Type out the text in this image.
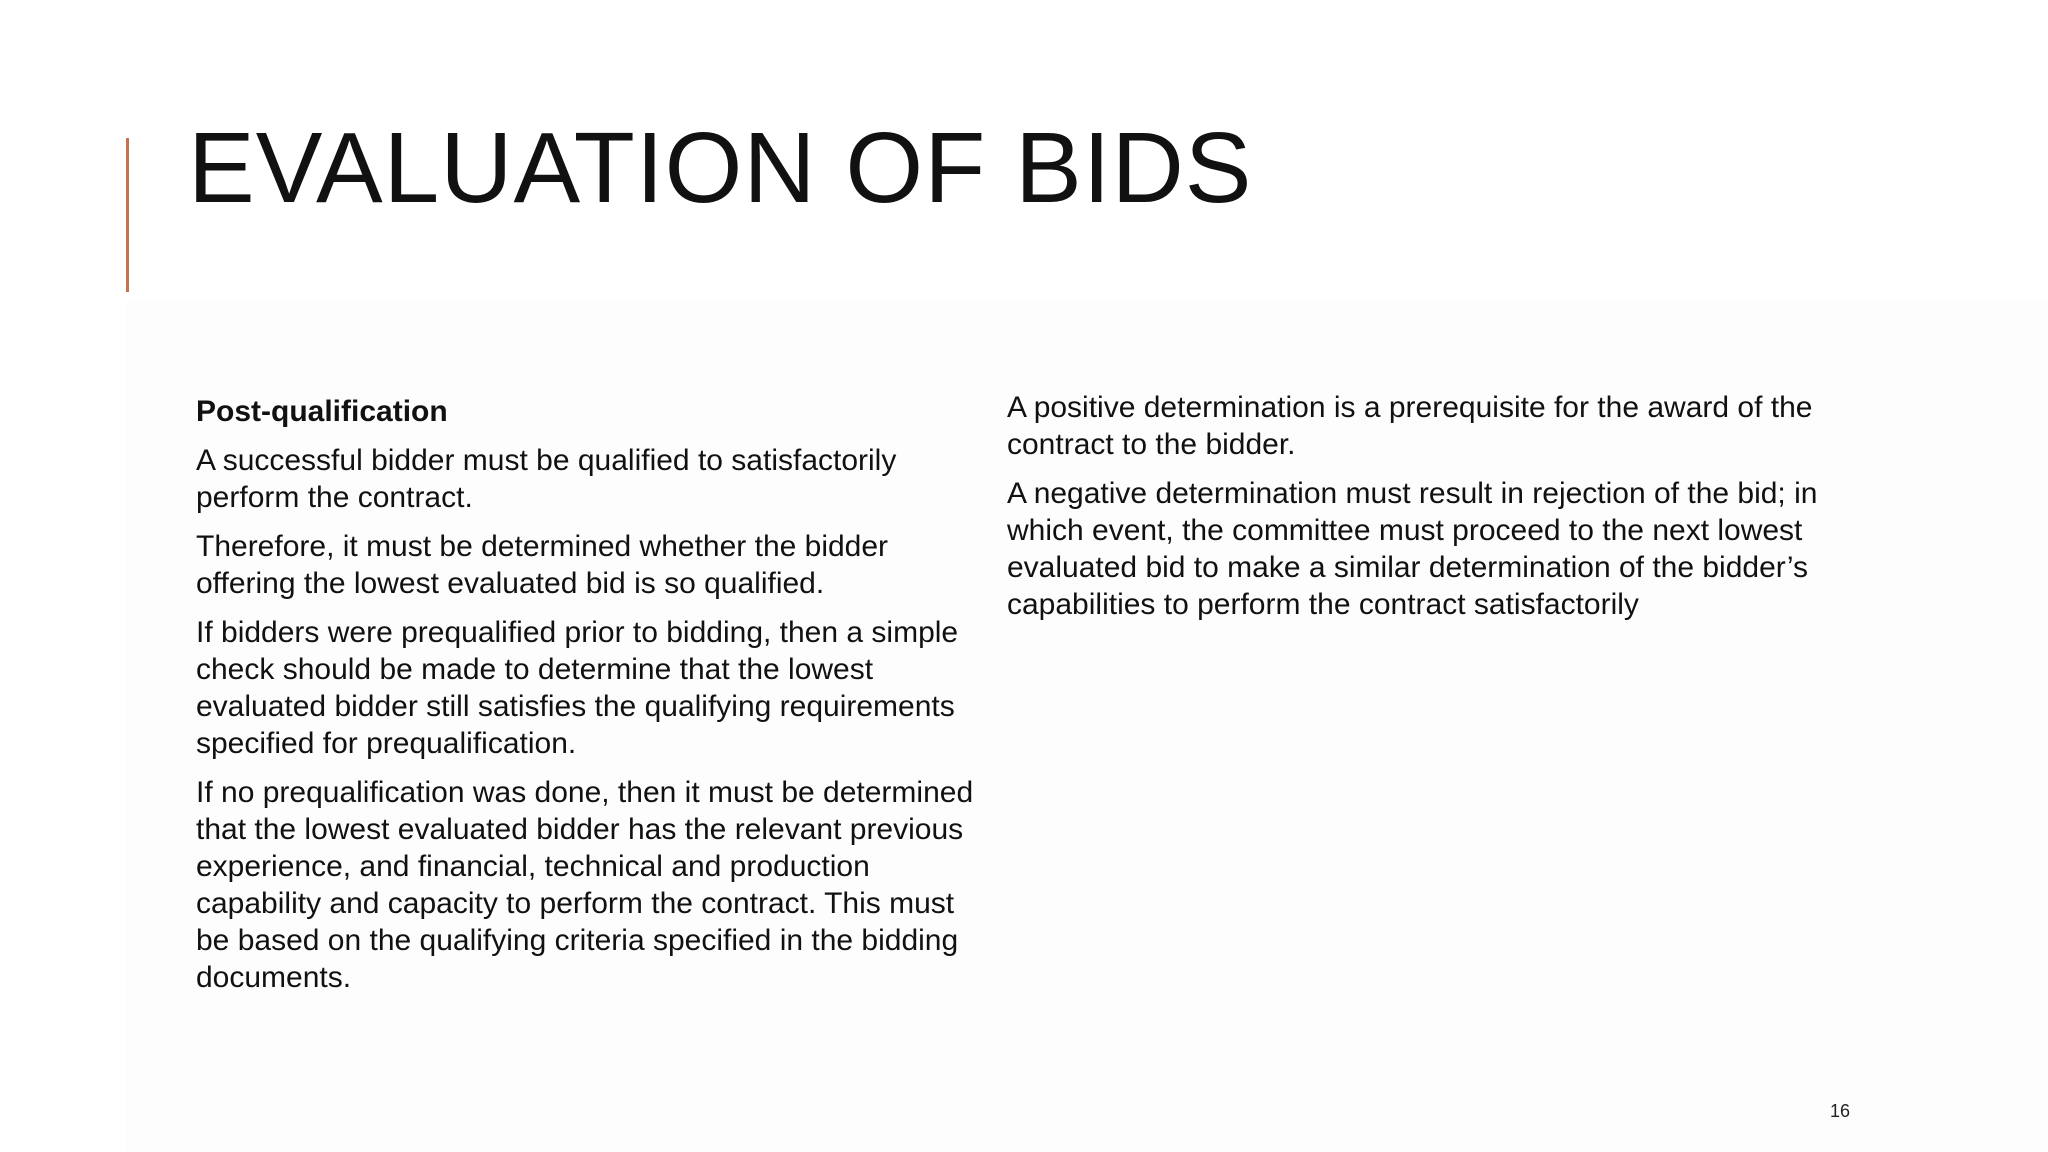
EVALUATION OF BIDS
Post-qualification

A successful bidder must be qualified to satisfactorily perform the contract.

Therefore, it must be determined whether the bidder offering the lowest evaluated bid is so qualified.

If bidders were prequalified prior to bidding, then a simple check should be made to determine that the lowest evaluated bidder still satisfies the qualifying requirements specified for prequalification.

If no prequalification was done, then it must be determined that the lowest evaluated bidder has the relevant previous experience, and financial, technical and production capability and capacity to perform the contract. This must be based on the qualifying criteria specified in the bidding documents.

A positive determination is a prerequisite for the award of the contract to the bidder.

A negative determination must result in rejection of the bid; in which event, the committee must proceed to the next lowest evaluated bid to make a similar determination of the bidder’s capabilities to perform the contract satisfactorily

16
